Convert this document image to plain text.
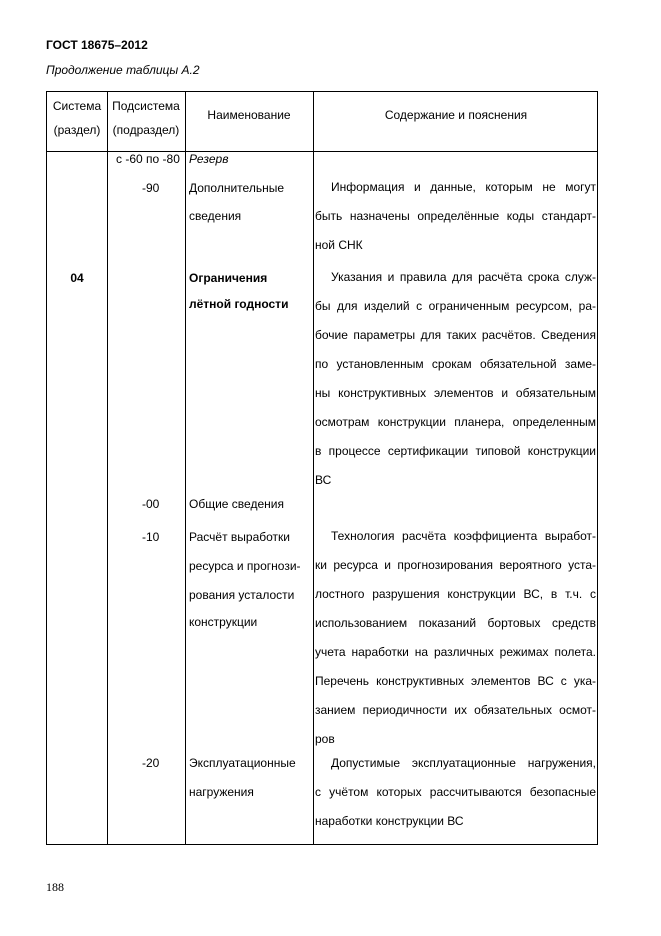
ГОСТ 18675–2012
Продолжение таблицы А.2
Система
(раздел)
Подсистема
(подраздел)
Наименование	Содержание и пояснения
с -60 по -80 Резерв
-90 Дополнительные
сведения
Информация и данные, которым не могут
быть назначены определённые коды стандарт-
ной СНК
04	Ограничения
лётной годности
Указания и правила для расчёта срока служ-
бы для изделий с ограниченным ресурсом, ра-
бочие параметры для таких расчётов. Сведения
по установленным срокам обязательной заме-
ны конструктивных элементов и обязательным
осмотрам конструкции планера, определенным
в процессе сертификации типовой конструкции
ВС
-00 Общие сведения
-10 Расчёт выработки
ресурса и прогнози-
рования усталости
конструкции
Технология расчёта коэффициента выработ-
ки ресурса и прогнозирования вероятного уста-
лостного разрушения конструкции ВС, в т.ч. с
использованием показаний бортовых средств
учета наработки на различных режимах полета.
Перечень конструктивных элементов ВС с ука-
занием периодичности их обязательных осмот-
ров
-20 Эксплуатационные
нагружения
Допустимые эксплуатационные нагружения,
с учётом которых рассчитываются безопасные
наработки конструкции ВС
188
